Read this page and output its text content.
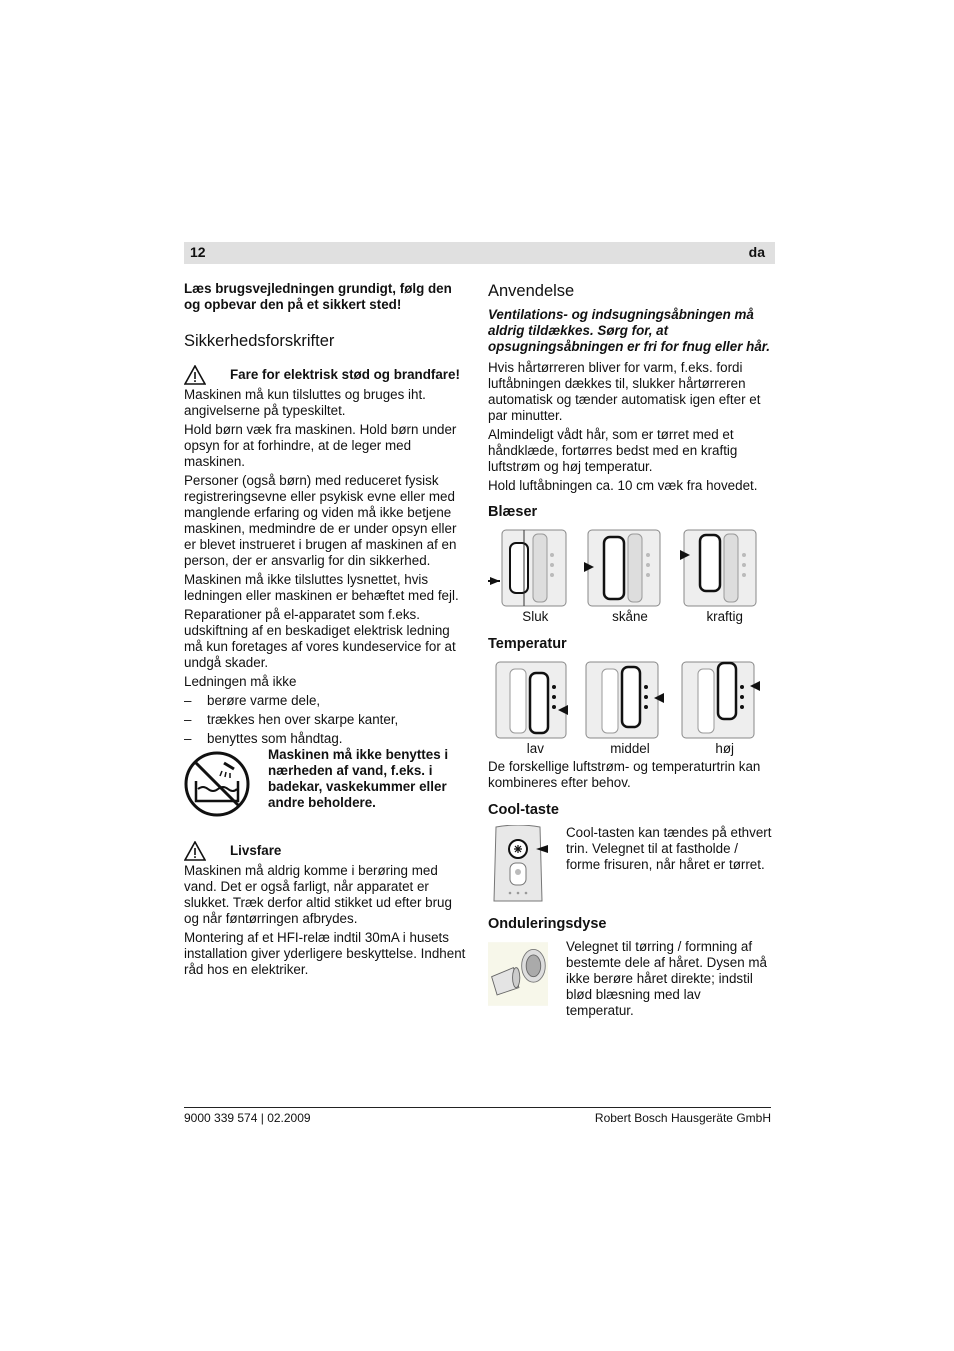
12	da

Læs brugsvejledningen grundigt, følg den og opbevar den på et sikkert sted!

Sikkerhedsforskrifter
Fare for elektrisk stød og brandfare!

Maskinen må kun tilsluttes og bruges iht. angivelserne på typeskiltet.

Hold børn væk fra maskinen. Hold børn under opsyn for at forhindre, at de leger med maskinen.

Personer (også børn) med reduceret fysisk registreringsevne eller psykisk evne eller med manglende erfaring og viden må ikke betjene maskinen, medmindre de er under opsyn eller er blevet instrueret i brugen af maskinen af en person, der er ansvarlig for din sikkerhed.

Maskinen må ikke tilsluttes lysnettet, hvis ledningen eller maskinen er behæftet med fejl.

Reparationer på el-apparatet som f.eks. udskiftning af en beskadiget elektrisk ledning må kun foretages af vores kundeservice for at undgå skader.

Ledningen må ikke

– berøre varme dele,
– trækkes hen over skarpe kanter,
– benyttes som håndtag.
Maskinen må ikke benyttes i nærheden af vand, f.eks. i badekar, vaskekummer eller andre beholdere.
Livsfare

Maskinen må aldrig komme i berøring med vand. Det er også farligt, når apparatet er slukket. Træk derfor altid stikket ud efter brug og når føntørringen afbrydes.

Montering af et HFI-relæ indtil 30mA i husets installation giver yderligere beskyttelse. Indhent råd hos en elektriker.

Anvendelse

Ventilations- og indsugningsåbningen må aldrig tildækkes. Sørg for, at opsugningsåbningen er fri for fnug eller hår.

Hvis hårtørreren bliver for varm, f.eks. fordi luftåbningen dækkes til, slukker hårtørreren automatisk og tænder automatisk igen efter et par minutter.

Almindeligt vådt hår, som er tørret med et håndklæde, fortørres bedst med en kraftig luftstrøm og høj temperatur.

Hold luftåbningen ca. 10 cm væk fra hovedet.

Blæser
Sluk	skåne	kraftig
Temperatur
lav	middel	høj

De forskellige luftstrøm- og temperaturtrin kan kombineres efter behov.

Cool-taste

Cool-tasten kan tændes på ethvert trin. Velegnet til at fastholde / forme frisuren, når håret er tørret.

Onduleringsdyse

Velegnet til tørring / formning af bestemte dele af håret. Dysen må ikke berøre håret direkte; indstil blød blæsning med lav temperatur.

9000 339 574 | 02.2009	Robert Bosch Hausgeräte GmbH
